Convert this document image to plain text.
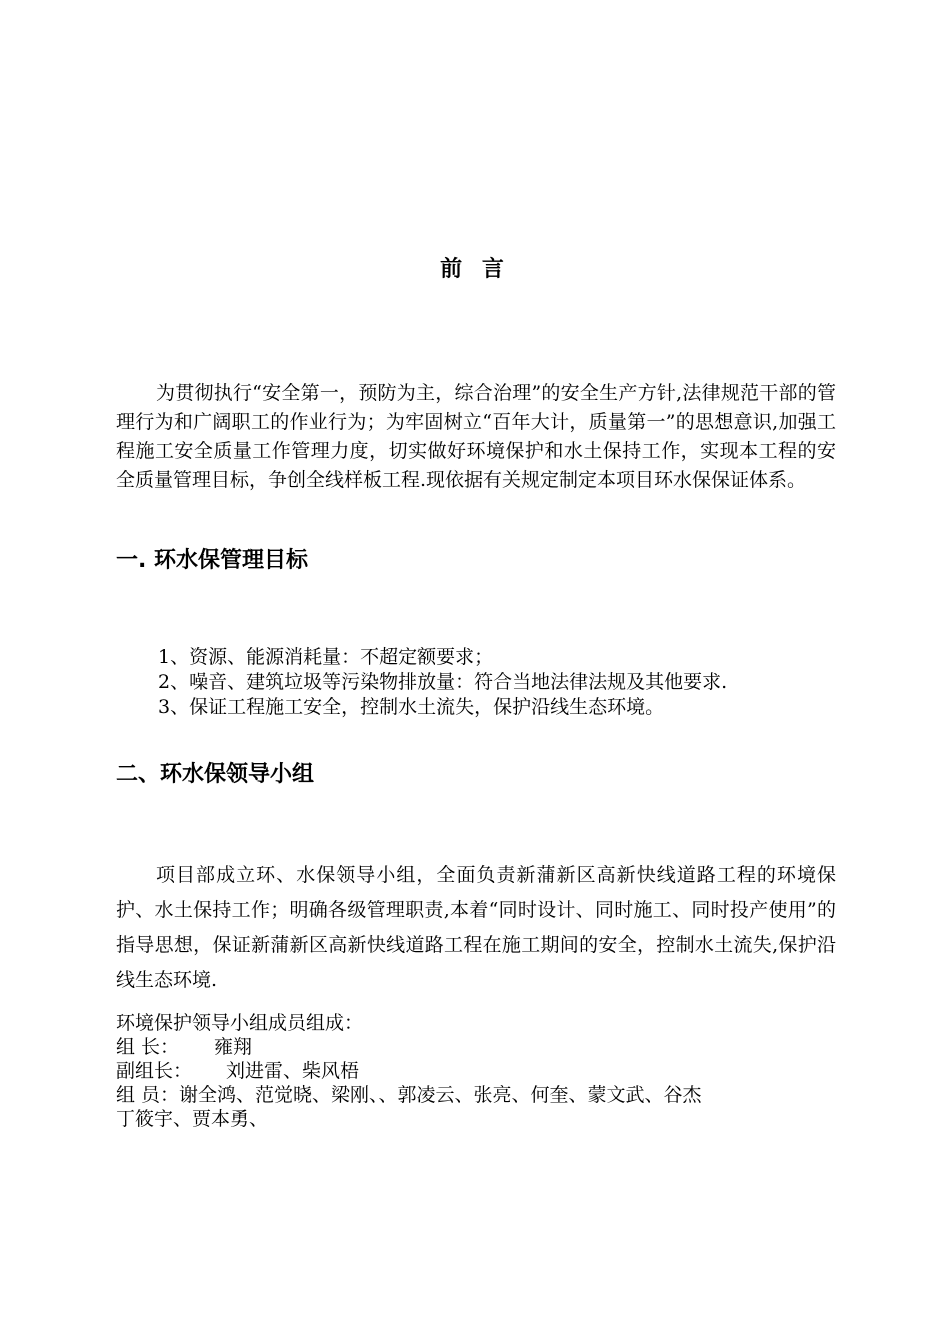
前 言

为贯彻执行“安全第一，预防为主，综合治理”的安全生产方针,法律规范干部的管理行为和广阔职工的作业行为；为牢固树立“百年大计，质量第一”的思想意识,加强工程施工安全质量工作管理力度，切实做好环境保护和水土保持工作，实现本工程的安全质量管理目标，争创全线样板工程.现依据有关规定制定本项目环水保保证体系。

一. 环水保管理目标
1、资源、能源消耗量：不超定额要求；
2、噪音、建筑垃圾等污染物排放量：符合当地法律法规及其他要求.
3、保证工程施工安全，控制水土流失，保护沿线生态环境。
二、环水保领导小组

项目部成立环、水保领导小组，全面负责新蒲新区高新快线道路工程的环境保护、水土保持工作；明确各级管理职责,本着“同时设计、同时施工、同时投产使用”的指导思想，保证新蒲新区高新快线道路工程在施工期间的安全，控制水土流失,保护沿线生态环境.

环境保护领导小组成员组成：
组 长： 雍翔
副组长： 刘进雷、柴风梧
组 员：谢全鸿、范觉晓、梁刚、、郭凌云、张亮、何奎、蒙文武、谷杰
丁筱宇、贾本勇、
